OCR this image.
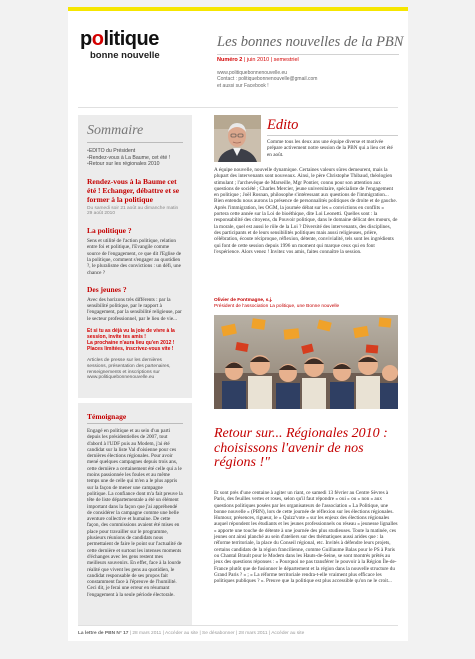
politique
bonne nouvelle
Les bonnes nouvelles de la PBN
Numéro 2 | juin 2010 | semestriel
www.politiquebonnenouvelle.eu
Contact : politiquebonnenouvelle@gmail.com
et aussi sur Facebook !
Sommaire
▪ EDITO du Président
▪ Rendez-vous à La Baume, cet été !
▪ Retour sur les régionales 2010
Rendez-vous à la Baume cet été ! Echanger, débattre et se former à la politique
Du samedi soir 21 août au dimanche matin 29 août 2010
La politique ?
Sens et utilité de l'action politique, relation entre foi et politique, l'Evangile comme source de l'engagement, ce que dit l'Eglise de la politique, comment s'engager au quotidien ?, le pluralisme des convictions : un défi, une chance ?
Des jeunes ?
Avec des horizons très différents : par la sensibilité politique, par le rapport à l'engagement, par la sensibilité religieuse, par le secteur professionnel, par le lieu de vie...
Et si tu as déjà vu la joie de vivre à la session, invite tes amis !
La prochaine n'aura lieu qu'en 2012 ! Places limitées, inscrivez-vous vite !
Articles de presse sur les dernières sessions, présentation des partenaires, renseignements et inscriptions sur www.politiquebonnenouvelle.eu
Témoignage
Engagé en politique et au sein d'un parti depuis les présidentielles de 2007, tout d'abord à l'UDF puis au Modem, j'ai été candidat sur la liste Val d'oisienne pour ces dernières élections régionales. Pour avoir mené quelques campagnes depuis trois ans, cette dernière a certainement été celle qui a le moins passionnée les foules et au même temps une de celle qui m'en a le plus appris sur la façon de mener une campagne politique. La confiance dont m'a fait preuve la tête de liste départementale a été un élément important dans la façon que j'ai appréhendé de considérer la campagne comme une belle aventure collective et humaine. De cette façon, des commissions avaient été mises en place pour travailler sur le programme, plusieurs réunions de candidats nous permettaient de faire le point sur l'actualité de cette dernière et surtout les intenses moments d'échanges avec les gens restent mes meilleurs souvenirs. En effet, face à la lourde réalité que vivent les gens au quotidien, le candidat responsable de ses propos fait constamment face à l'épreuve de l'humilité. Ceci dit, je ferai une erreur en résumant l'engagement à la seule période électorale.
Edito
Comme tous les deux ans une équipe diverse et motivée prépare activement notre session de la PBN qui a lieu cet été en août.
A équipe nouvelle, nouvelle dynamique. Certaines valeurs sûres demeurent, mais la plupart des intervenants sont nouveaux. Ainsi, le père Christophe Thibaud, théologien stimulant ; l'archevêque de Marseille, Mgr Pontier, connu pour son attention aux questions de société ; Charles Mercier, jeune universitaire, spécialiste de l'engagement en politique ; Joël Rosnan, philosophe s'intéressant aux questions de l'immigration... Bien entendu nous aurons la présence de personnalités politiques de droite et de gauche. Après l'immigration, les OGM, la journée débat sur les « convictions en conflits » portera cette année sur la Loi de bioéthique, dite Loi Leonetti. Quelles sont : la responsabilité des citoyens, du Pouvoir politique, dans le domaine délicat des mœurs, de la morale, quel est aussi le rôle de la Loi ? Diversité des intervenants, des disciplines, des participants et de leurs sensibilités politiques mais aussi religieuses, prière, célébration, écoute réciproque, réflexion, détente, convivialité, tels sont les ingrédients qui font de cette session depuis 1996 un moment qui marque ceux qui en font l'expérience. Alors venez ! Invitez vos amis, faites connaître la session.
Olivier de Fontmagne, s.j.
Président de l'association La politique, une Bonne nouvelle
Retour sur... Régionales 2010 : choisissons l'avenir de nos régions !"
Et sont près d'une centaine à agiter un riant, ce samedi 13 février au Centre Sèvres à Paris, des feuilles vertes et roses, selon qu'il faut répondre « oui » ou « non » aux questions politiques posées par les organisateurs de l'association « La Politique, une bonne nouvelle » (PBN), lors de cette journée de réflexion sur les élections régionales. Humour, présences, rigueur, le « Quizz'vote » sur les enjeux des élections régionales auquel répondent les étudiants et les jeunes professionnels ou réseau « jeunesse lignalles » apporte une touche de détente à une journée des plus studieuses. Toute la matinée, ces jeunes ont ainsi planché au sein d'ateliers sur des thématiques aussi arides que : la réforme territoriale, la place du Conseil régional, etc. Invités à défendre leurs projets, certains candidats de la région francilienne, comme Guillaume Balas pour le PS à Paris ou Chantal Brault pour le Modem dans les Hauts-de-Seine, se sont montrés prêtés au jeux des questions réponses : « Pourquoi ne pas transférer le pouvoir à la Région Île-de-France plutôt que de fusionner le département et la région dans la nouvelle structure du Grand Paris ? » ; « La réforme territoriale rendra-t-elle vraiment plus efficace les politiques publiques ? ». Preuve que la politique est plus accessible qu'on ne le croit...
La lettre de PBN N° 17 | 28 mars 2011 | Accéder au site | Se désabonner | 28 mars 2011 | Accéder au site
